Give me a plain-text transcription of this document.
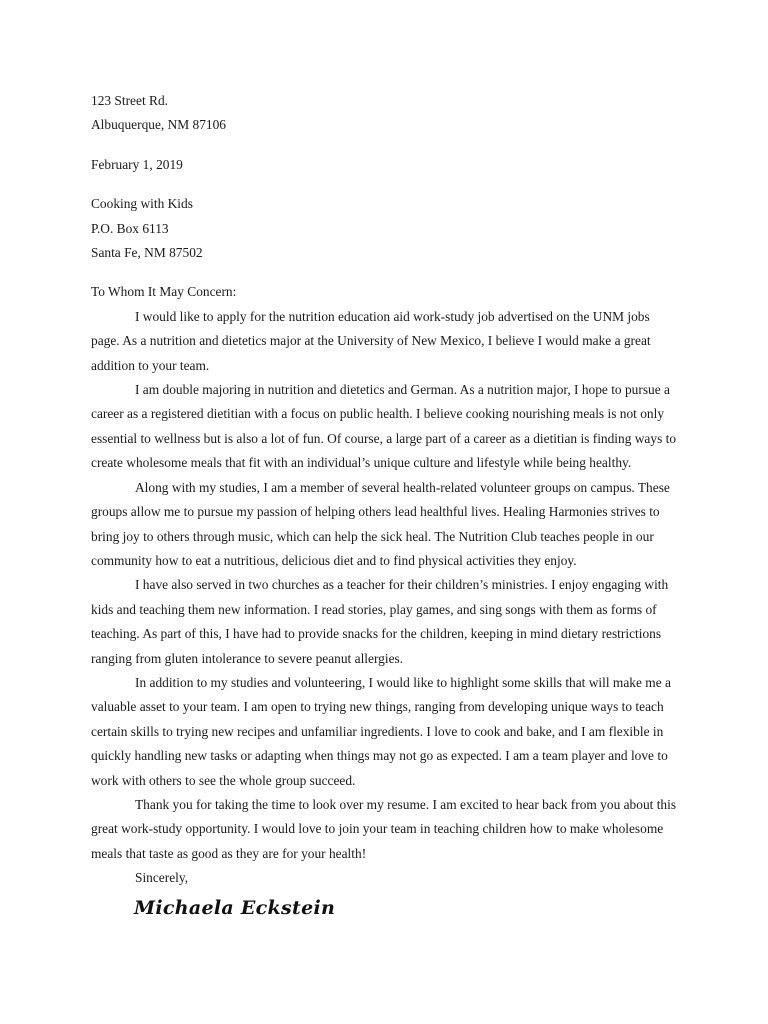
123 Street Rd.
Albuquerque, NM 87106
February 1, 2019
Cooking with Kids
P.O. Box 6113
Santa Fe, NM 87502
To Whom It May Concern:

I would like to apply for the nutrition education aid work-study job advertised on the UNM jobs page. As a nutrition and dietetics major at the University of New Mexico, I believe I would make a great addition to your team.

I am double majoring in nutrition and dietetics and German. As a nutrition major, I hope to pursue a career as a registered dietitian with a focus on public health. I believe cooking nourishing meals is not only essential to wellness but is also a lot of fun. Of course, a large part of a career as a dietitian is finding ways to create wholesome meals that fit with an individual’s unique culture and lifestyle while being healthy.

Along with my studies, I am a member of several health-related volunteer groups on campus. These groups allow me to pursue my passion of helping others lead healthful lives. Healing Harmonies strives to bring joy to others through music, which can help the sick heal. The Nutrition Club teaches people in our community how to eat a nutritious, delicious diet and to find physical activities they enjoy.

I have also served in two churches as a teacher for their children’s ministries. I enjoy engaging with kids and teaching them new information. I read stories, play games, and sing songs with them as forms of teaching. As part of this, I have had to provide snacks for the children, keeping in mind dietary restrictions ranging from gluten intolerance to severe peanut allergies.

In addition to my studies and volunteering, I would like to highlight some skills that will make me a valuable asset to your team. I am open to trying new things, ranging from developing unique ways to teach certain skills to trying new recipes and unfamiliar ingredients. I love to cook and bake, and I am flexible in quickly handling new tasks or adapting when things may not go as expected. I am a team player and love to work with others to see the whole group succeed.

Thank you for taking the time to look over my resume. I am excited to hear back from you about this great work-study opportunity. I would love to join your team in teaching children how to make wholesome meals that taste as good as they are for your health!

Sincerely,
Michaela Eckstein
